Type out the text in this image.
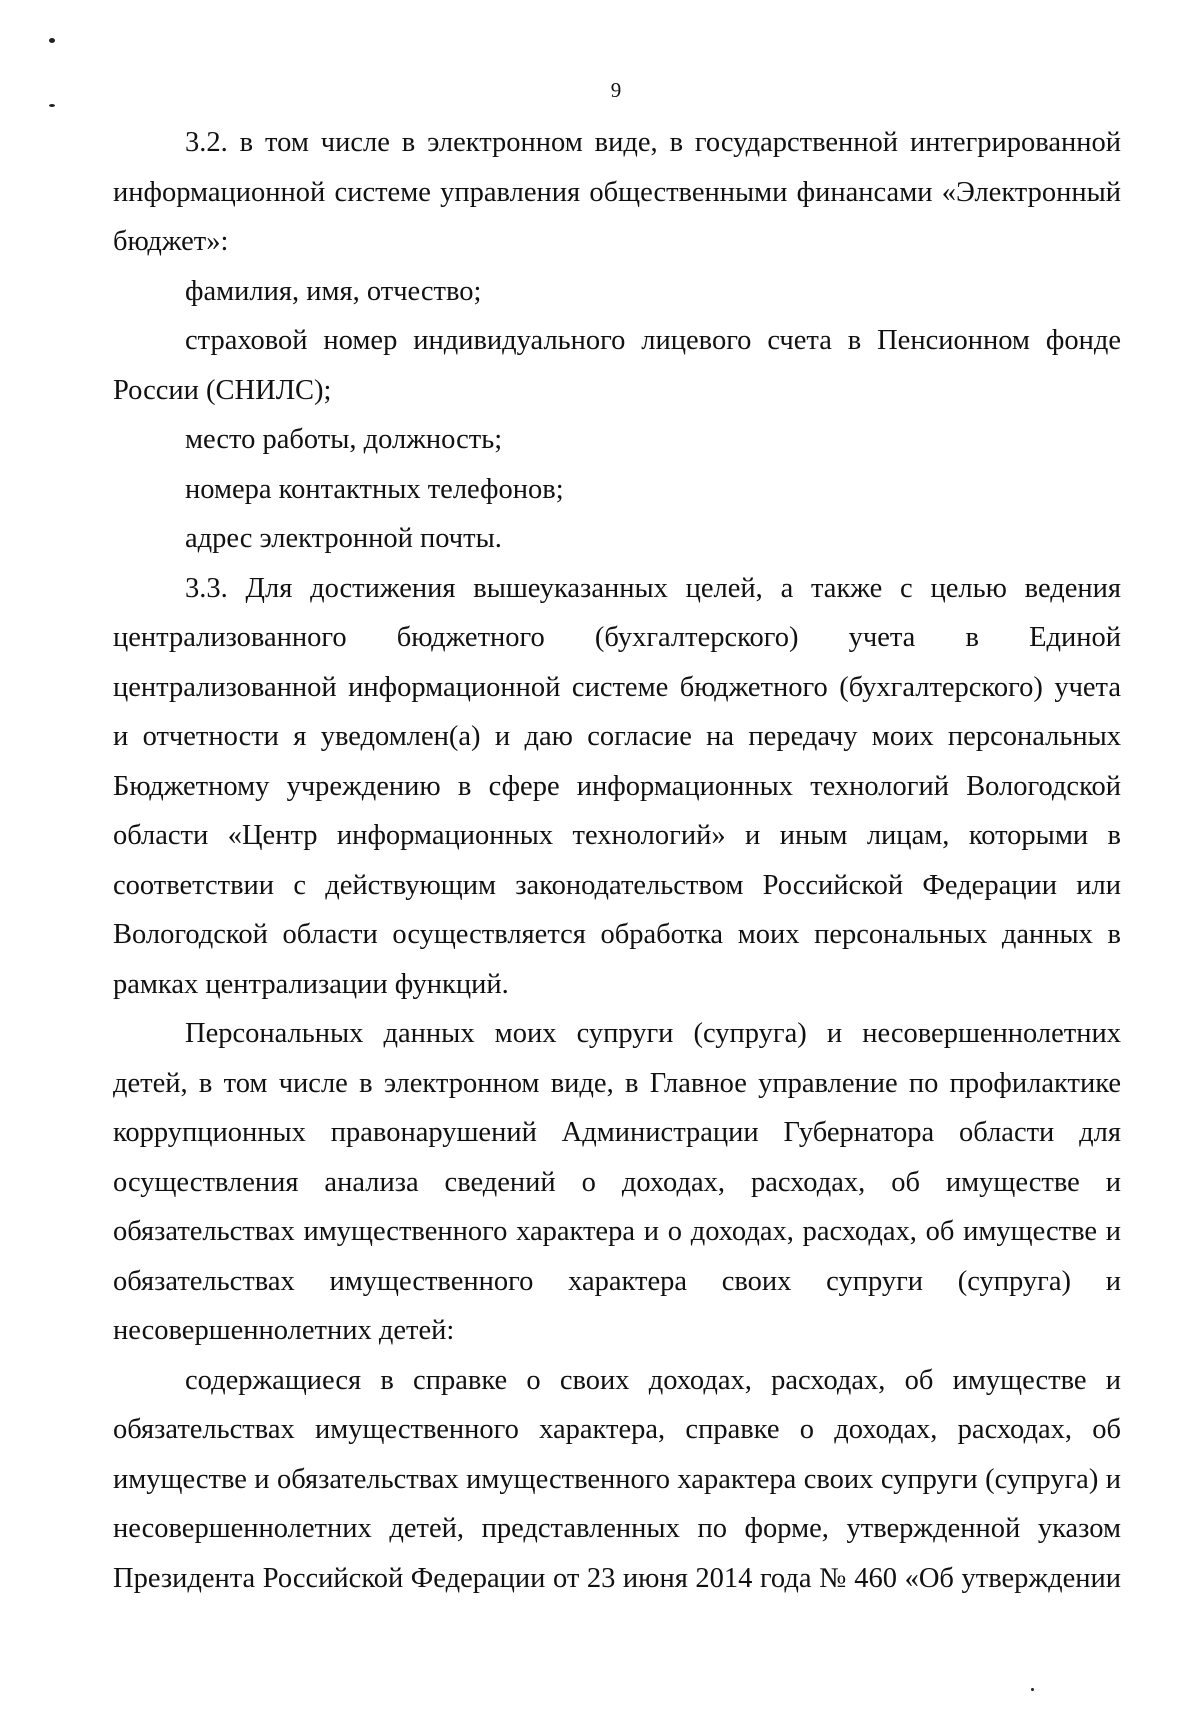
9
3.2. в том числе в электронном виде, в государственной интегрированной
информационной системе управления общественными финансами «Электронный
бюджет»:
фамилия, имя, отчество;
страховой номер индивидуального лицевого счета в Пенсионном фонде
России (СНИЛС);
место работы, должность;
номера контактных телефонов;
адрес электронной почты.
3.3. Для достижения вышеуказанных целей, а также с целью ведения
централизованного бюджетного (бухгалтерского) учета в Единой
централизованной информационной системе бюджетного (бухгалтерского) учета
и отчетности я уведомлен(а) и даю согласие на передачу моих персональных
Бюджетному учреждению в сфере информационных технологий Вологодской
области «Центр информационных технологий» и иным лицам, которыми в
соответствии с действующим законодательством Российской Федерации или
Вологодской области осуществляется обработка моих персональных данных в
рамках централизации функций.
Персональных данных моих супруги (супруга) и несовершеннолетних
детей, в том числе в электронном виде, в Главное управление по профилактике
коррупционных правонарушений Администрации Губернатора области для
осуществления анализа сведений о доходах, расходах, об имуществе и
обязательствах имущественного характера и о доходах, расходах, об имуществе и
обязательствах имущественного характера своих супруги (супруга) и
несовершеннолетних детей:
содержащиеся в справке о своих доходах, расходах, об имуществе и
обязательствах имущественного характера, справке о доходах, расходах, об
имуществе и обязательствах имущественного характера своих супруги (супруга) и
несовершеннолетних детей, представленных по форме, утвержденной указом
Президента Российской Федерации от 23 июня 2014 года № 460 «Об утверждении
